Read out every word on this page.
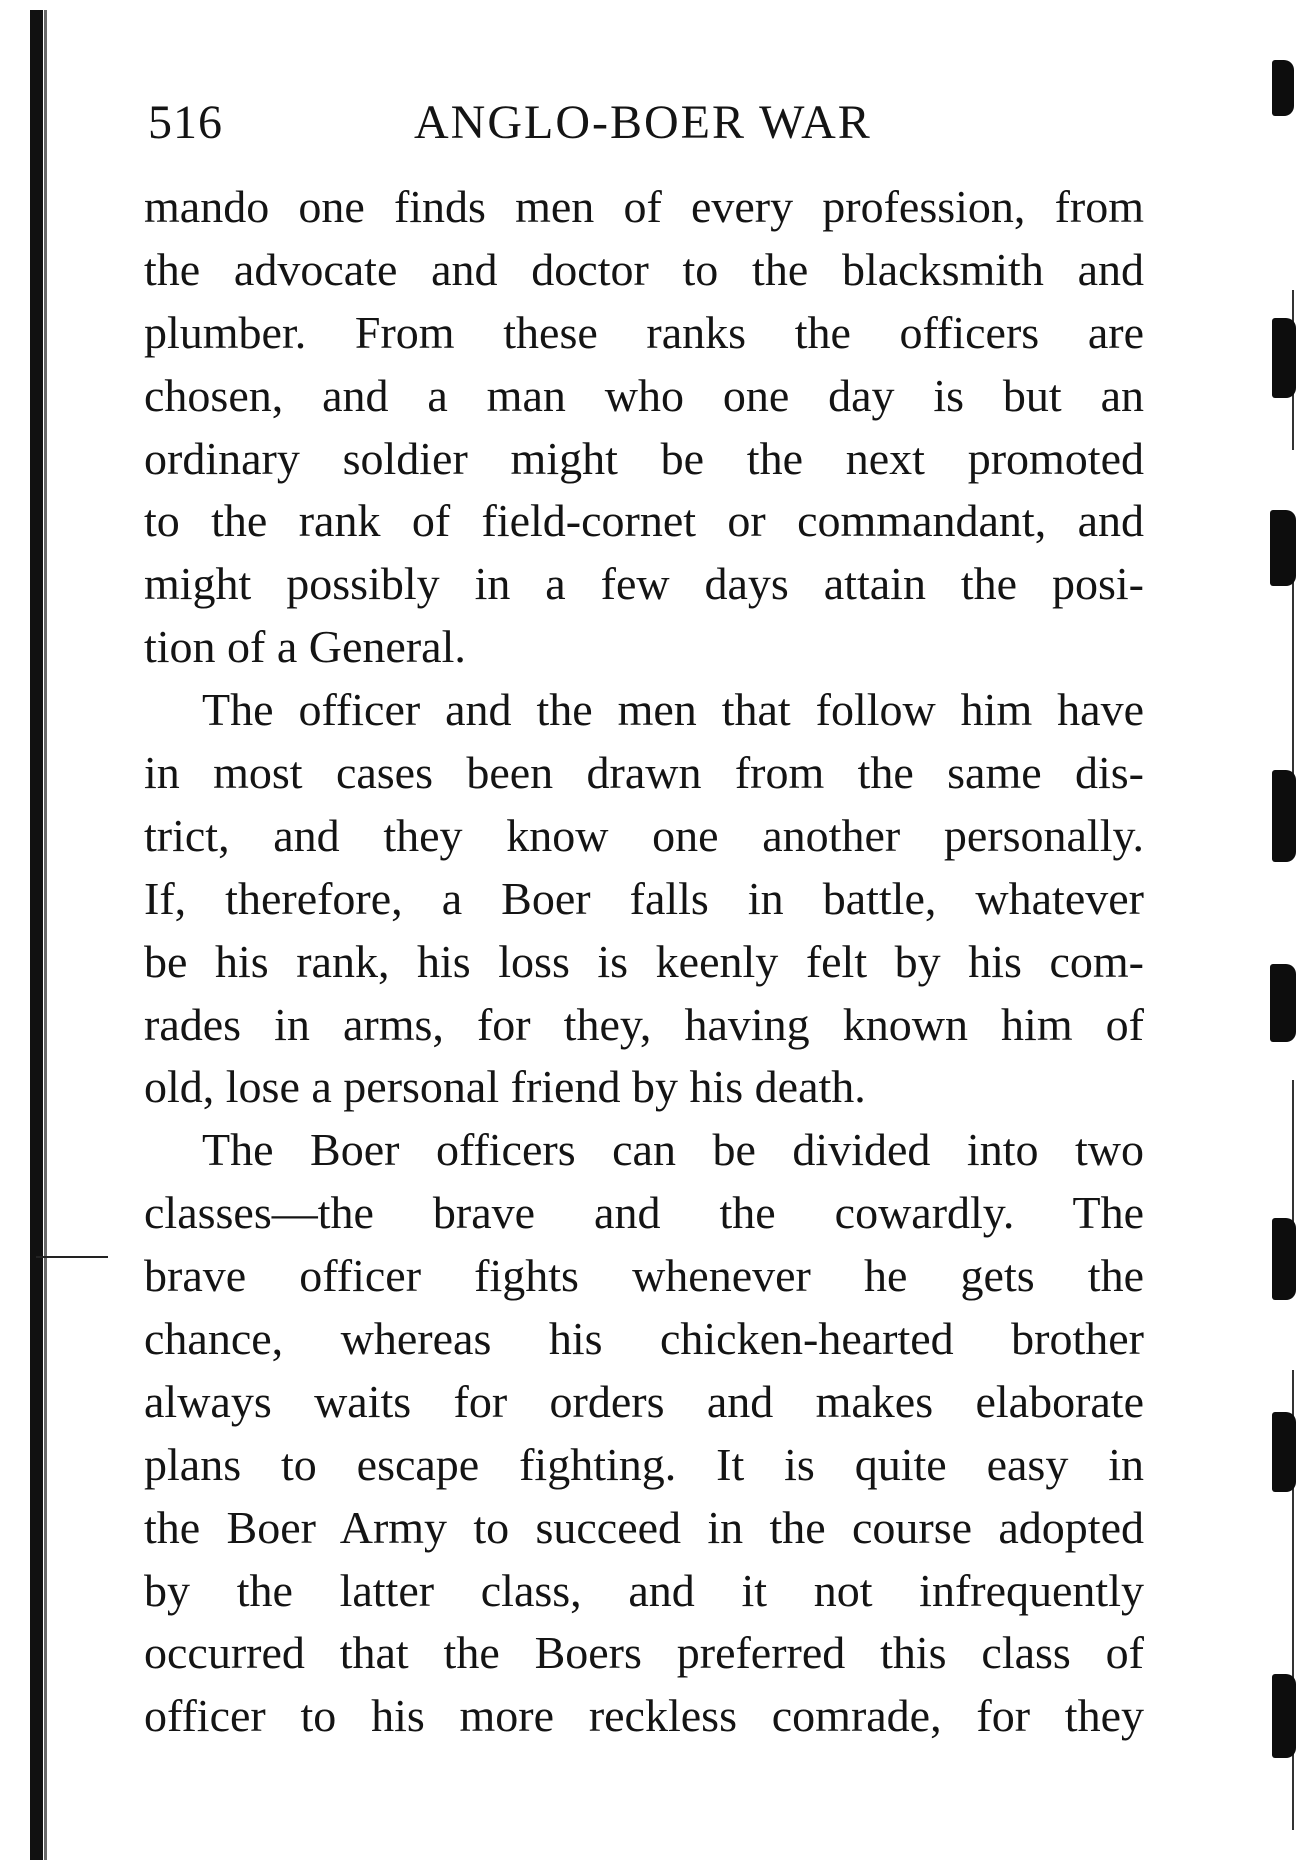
516	ANGLO-BOER WAR
mando one finds men of every profession, from
the advocate and doctor to the blacksmith and
plumber. From these ranks the officers are
chosen, and a man who one day is but an
ordinary soldier might be the next promoted
to the rank of field-cornet or commandant, and
might possibly in a few days attain the posi-
tion of a General.
The officer and the men that follow him have
in most cases been drawn from the same dis-
trict, and they know one another personally.
If, therefore, a Boer falls in battle, whatever
be his rank, his loss is keenly felt by his com-
rades in arms, for they, having known him of
old, lose a personal friend by his death.
The Boer officers can be divided into two
classes—the brave and the cowardly. The
brave officer fights whenever he gets the
chance, whereas his chicken-hearted brother
always waits for orders and makes elaborate
plans to escape fighting. It is quite easy in
the Boer Army to succeed in the course adopted
by the latter class, and it not infrequently
occurred that the Boers preferred this class of
officer to his more reckless comrade, for they
